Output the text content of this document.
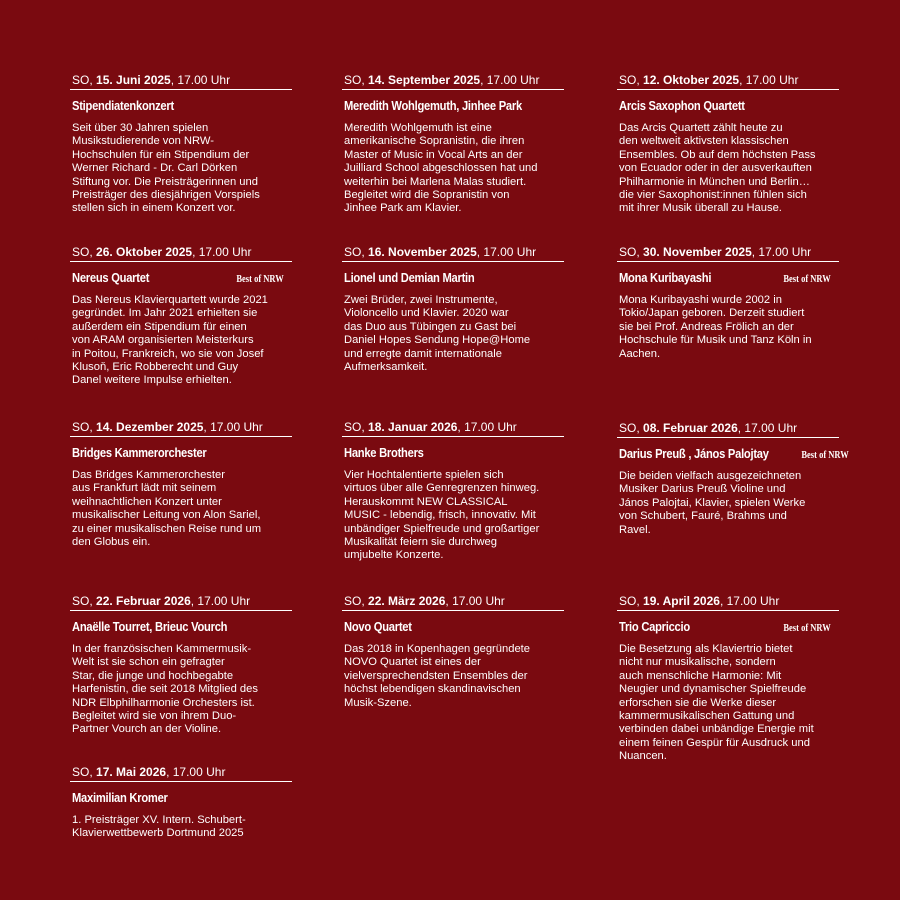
SO, 15. Juni 2025, 17.00 Uhr
Stipendiatenkonzert
Seit über 30 Jahren spielen
Musikstudierende von NRW-
Hochschulen für ein Stipendium der
Werner Richard - Dr. Carl Dörken
Stiftung vor. Die Preisträgerinnen und
Preisträger des diesjährigen Vorspiels
stellen sich in einem Konzert vor.
SO, 14. September 2025, 17.00 Uhr
Meredith Wohlgemuth, Jinhee Park
Meredith Wohlgemuth ist eine
amerikanische Sopranistin, die ihren
Master of Music in Vocal Arts an der
Juilliard School abgeschlossen hat und
weiterhin bei Marlena Malas studiert.
Begleitet wird die Sopranistin von
Jinhee Park am Klavier.
SO, 12. Oktober 2025, 17.00 Uhr
Arcis Saxophon Quartett
Das Arcis Quartett zählt heute zu
den weltweit aktivsten klassischen
Ensembles. Ob auf dem höchsten Pass
von Ecuador oder in der ausverkauften
Philharmonie in München und Berlin…
die vier Saxophonist:innen fühlen sich
mit ihrer Musik überall zu Hause.
SO, 26. Oktober 2025, 17.00 Uhr
Nereus Quartet	Best of NRW
Das Nereus Klavierquartett wurde 2021
gegründet. Im Jahr 2021 erhielten sie
außerdem ein Stipendium für einen
von ARAM organisierten Meisterkurs
in Poitou, Frankreich, wo sie von Josef
Klusoň, Eric Robberecht und Guy
Danel weitere Impulse erhielten.
SO, 16. November 2025, 17.00 Uhr
Lionel und Demian Martin
Zwei Brüder, zwei Instrumente,
Violoncello und Klavier. 2020 war
das Duo aus Tübingen zu Gast bei
Daniel Hopes Sendung Hope@Home
und erregte damit internationale
Aufmerksamkeit.
SO, 30. November 2025, 17.00 Uhr
Mona Kuribayashi	Best of NRW
Mona Kuribayashi wurde 2002 in
Tokio/Japan geboren. Derzeit studiert
sie bei Prof. Andreas Frölich an der
Hochschule für Musik und Tanz Köln in
Aachen.
SO, 14. Dezember 2025, 17.00 Uhr
Bridges Kammerorchester
Das Bridges Kammerorchester
aus Frankfurt lädt mit seinem
weihnachtlichen Konzert unter
musikalischer Leitung von Alon Sariel,
zu einer musikalischen Reise rund um
den Globus ein.
SO, 18. Januar 2026, 17.00 Uhr
Hanke Brothers
Vier Hochtalentierte spielen sich
virtuos über alle Genregrenzen hinweg.
Herauskommt NEW CLASSICAL
MUSIC - lebendig, frisch, innovativ. Mit
unbändiger Spielfreude und großartiger
Musikalität feiern sie durchweg
umjubelte Konzerte.
SO, 08. Februar 2026, 17.00 Uhr
Darius Preuß , János Palojtay	Best of NRW
Die beiden vielfach ausgezeichneten
Musiker Darius Preuß Violine und
János Palojtai, Klavier, spielen Werke
von Schubert, Fauré, Brahms und
Ravel.
SO, 22. Februar 2026, 17.00 Uhr
Anaëlle Tourret, Brieuc Vourch
In der französischen Kammermusik-
Welt ist sie schon ein gefragter
Star, die junge und hochbegabte
Harfenistin, die seit 2018 Mitglied des
NDR Elbphilharmonie Orchesters ist.
Begleitet wird sie von ihrem Duo-
Partner Vourch an der Violine.
SO, 22. März 2026, 17.00 Uhr
Novo Quartet
Das 2018 in Kopenhagen gegründete
NOVO Quartet ist eines der
vielversprechendsten Ensembles der
höchst lebendigen skandinavischen
Musik-Szene.
SO, 19. April 2026, 17.00 Uhr
Trio Capriccio	Best of NRW
Die Besetzung als Klaviertrio bietet
nicht nur musikalische, sondern
auch menschliche Harmonie: Mit
Neugier und dynamischer Spielfreude
erforschen sie die Werke dieser
kammermusikalischen Gattung und
verbinden dabei unbändige Energie mit
einem feinen Gespür für Ausdruck und
Nuancen.
SO, 17. Mai 2026, 17.00 Uhr
Maximilian Kromer
1. Preisträger XV. Intern. Schubert-
Klavierwettbewerb Dortmund 2025
